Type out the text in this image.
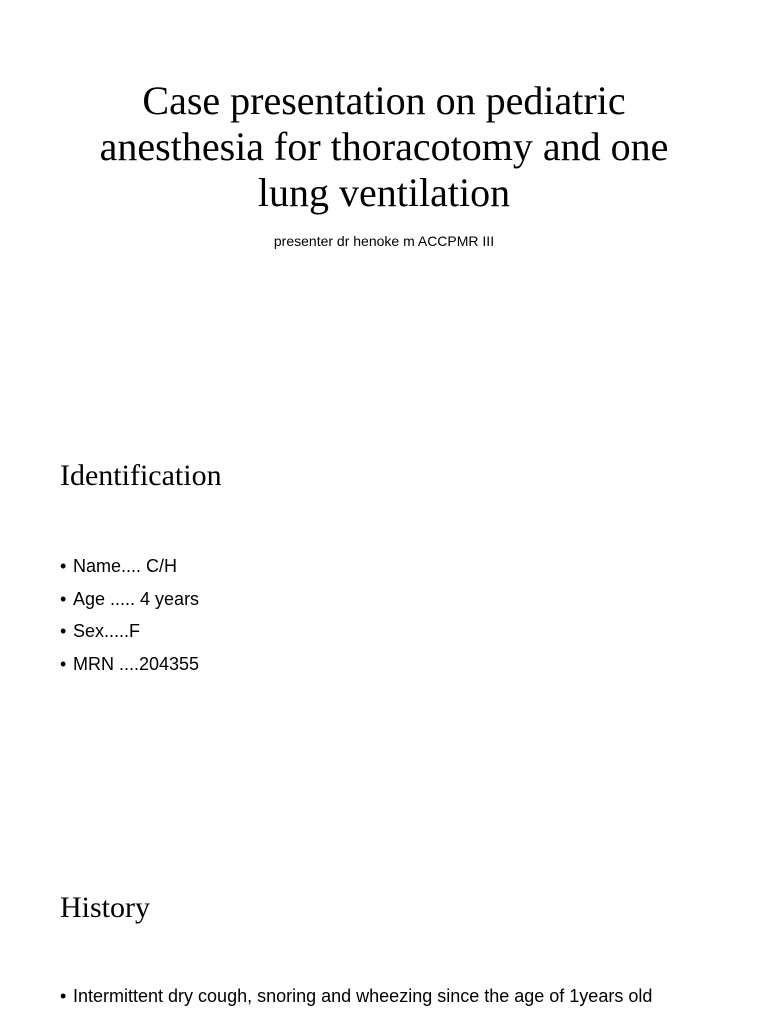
Case presentation on pediatric anesthesia for thoracotomy and one lung ventilation

presenter dr henoke m ACCPMR III

Identification
• Name.... C/H
• Age ..... 4 years
• Sex.....F
• MRN ....204355
History
• Intermittent dry cough, snoring and wheezing since the age of 1years old
